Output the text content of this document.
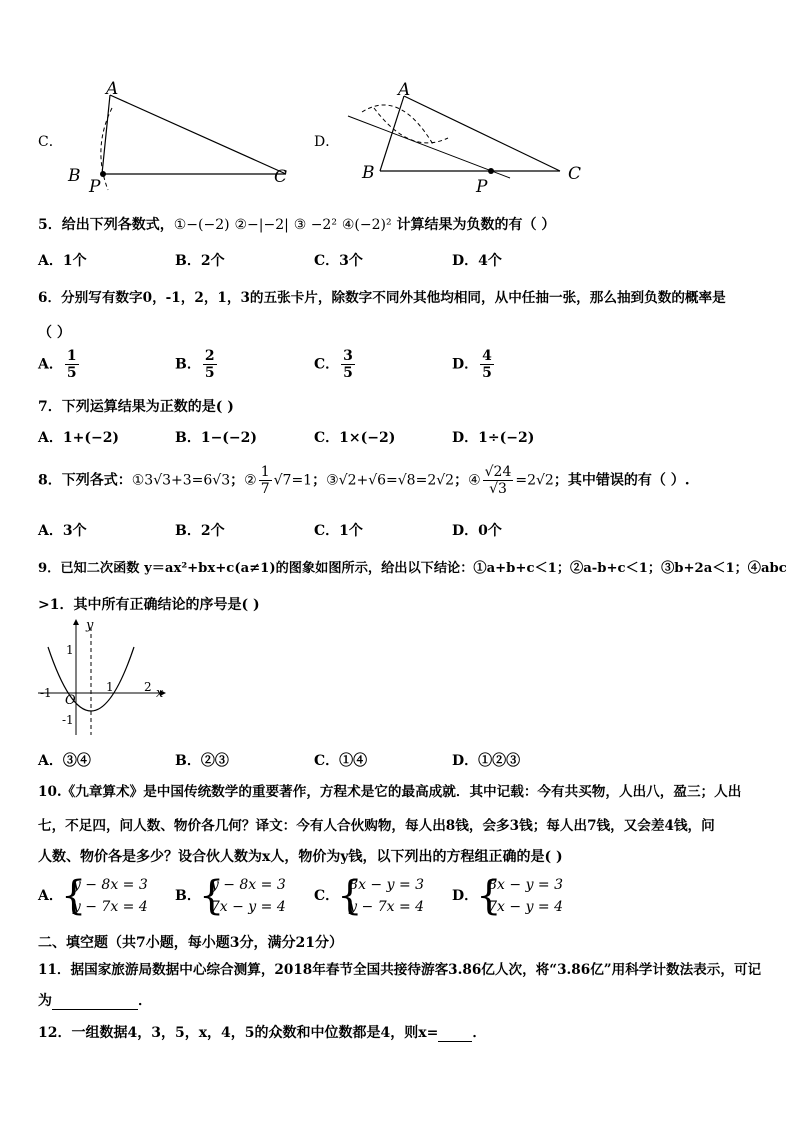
C．
A
B	C
P
D．
A
B	C
P
5．给出下列各数式，①−(−2) ②−|−2| ③ −2² ④(−2)² 计算结果为负数的有（ ）
A．1个	B．2个	C．3个	D．4个
6．分别写有数字0，-1，2，1，3的五张卡片，除数字不同外其他均相同，从中任抽一张，那么抽到负数的概率是
（ ）
A． $\frac{1}{5}$	B． $\frac{2}{5}$	C． $\frac{3}{5}$	D． $\frac{4}{5}$
7．下列运算结果为正数的是( )
A．1+(−2)	B．1−(−2)	C．1×(−2)	D．1÷(−2)
8．下列各式：①3√3+3=6√3；② $\frac{1}{7} √7=1$；③√2+√6=√8=2√2；④ $\frac{√24}{√3} =2√2$；其中错误的有（ ）.
A．3个	B．2个	C．1个	D．0个
9．已知二次函数 y＝ax²+bx+c(a≠1)的图象如图所示，给出以下结论：①a+b+c＜1；②a-b+c＜1；③b+2a＜1；④abc
>1．其中所有正确结论的序号是( )
y
x
O
1
-1
1	2
-1
A．③④	B．②③	C．①④	D．①②③
10.《九章算术》是中国传统数学的重要著作，方程术是它的最高成就．其中记载：今有共买物，人出八，盈三；人出
七，不足四，问人数、物价各几何？译文：今有人合伙购物，每人出8钱，会多3钱；每人出7钱，又会差4钱，问
人数、物价各是多少？设合伙人数为x人，物价为y钱，以下列出的方程组正确的是( )
A．{ y − 8x = 3
y − 7x = 4
B．{ y − 8x = 3
7x − y = 4
C．{ 8x − y = 3
y − 7x = 4
D．{ 8x − y = 3
7x − y = 4
二、填空题（共7小题，每小题3分，满分21分）
11．据国家旅游局数据中心综合测算，2018年春节全国共接待游客3.86亿人次，将“3.86亿”用科学计数法表示，可记
为	．
12．一组数据4，3，5，x，4，5的众数和中位数都是4，则x= ．
